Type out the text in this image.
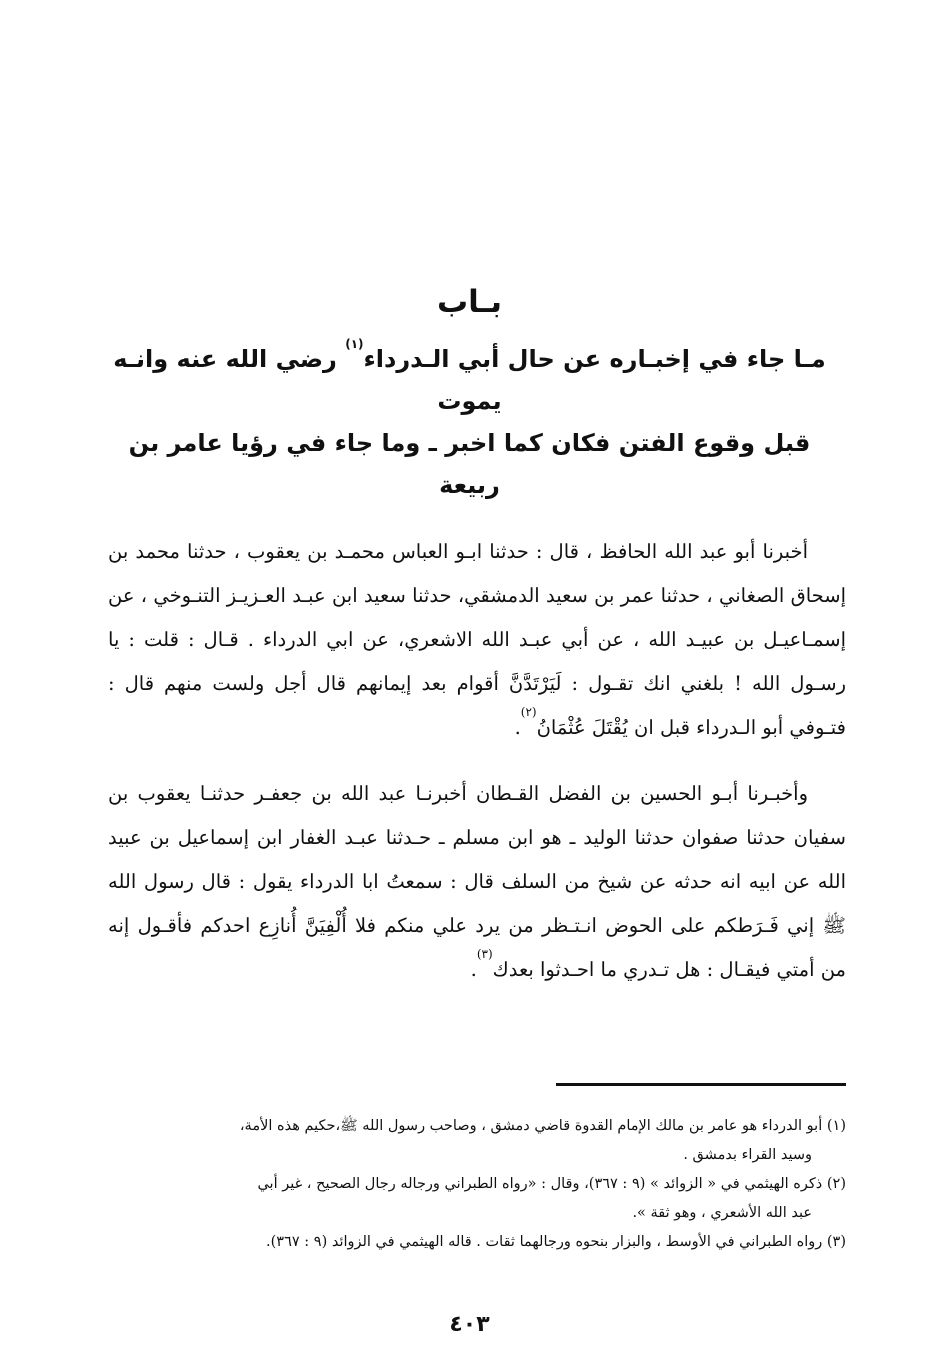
بـاب
مـا جاء في إخبـاره عن حال أبي الـدرداء$^{(١)}$ رضي الله عنه وانـه يموت
قبل وقوع الفتن فكان كما اخبر ـ وما جاء في رؤيا عامر بن ربيعة

أخبرنا أبو عبد الله الحافظ ، قال : حدثنا ابـو العباس محمـد بن يعقوب ، حدثنا محمد بن إسحاق الصغاني ، حدثنا عمر بن سعيد الدمشقي، حدثنا سعيد ابن عبـد العـزيـز التنـوخي ، عن إسمـاعيـل بن عبيـد الله ، عن أبي عبـد الله الاشعري، عن ابي الدرداء . قـال : قلت : يا رسـول الله ! بلغني انك تقـول : لَيَرْتَدَّنَّ أقوام بعد إيمانهم قال أجل ولست منهم قال : فتـوفي أبو الـدرداء قبل ان يُقْتَلَ عُثْمَانُ$^{(٢)}$.

وأخبـرنا أبـو الحسين بن الفضل القـطان أخبرنـا عبد الله بن جعفـر حدثنـا يعقوب بن سفيان حدثنا صفوان حدثنا الوليد ـ هو ابن مسلم ـ حـدثنا عبـد الغفار ابن إسماعيل بن عبيد الله عن ابيه انه حدثه عن شيخ من السلف قال : سمعتُ ابا الدرداء يقول : قال رسول الله ﷺ إني فَـرَطكم على الحوض انـتـظر من يرد علي منكم فلا أُلْفِيَنَّ أُنازِع احدكم فأقـول إنه من أمتي فيقـال : هل تـدري ما احـدثوا بعدك$^{(٣)}$.

(١) أبو الدرداء هو عامر بن مالك الإمام القدوة قاضي دمشق ، وصاحب رسول الله ﷺ،حكيم هذه الأمة،
وسيد القراء بدمشق .
(٢) ذكره الهيثمي في « الزوائد » (٩ : ٣٦٧)، وقال : «رواه الطبراني ورجاله رجال الصحيح ، غير أبي
عبد الله الأشعري ، وهو ثقة ».
(٣) رواه الطبراني في الأوسط ، والبزار بنحوه ورجالهما ثقات . قاله الهيثمي في الزوائد (٩ : ٣٦٧).
٤٠٣
